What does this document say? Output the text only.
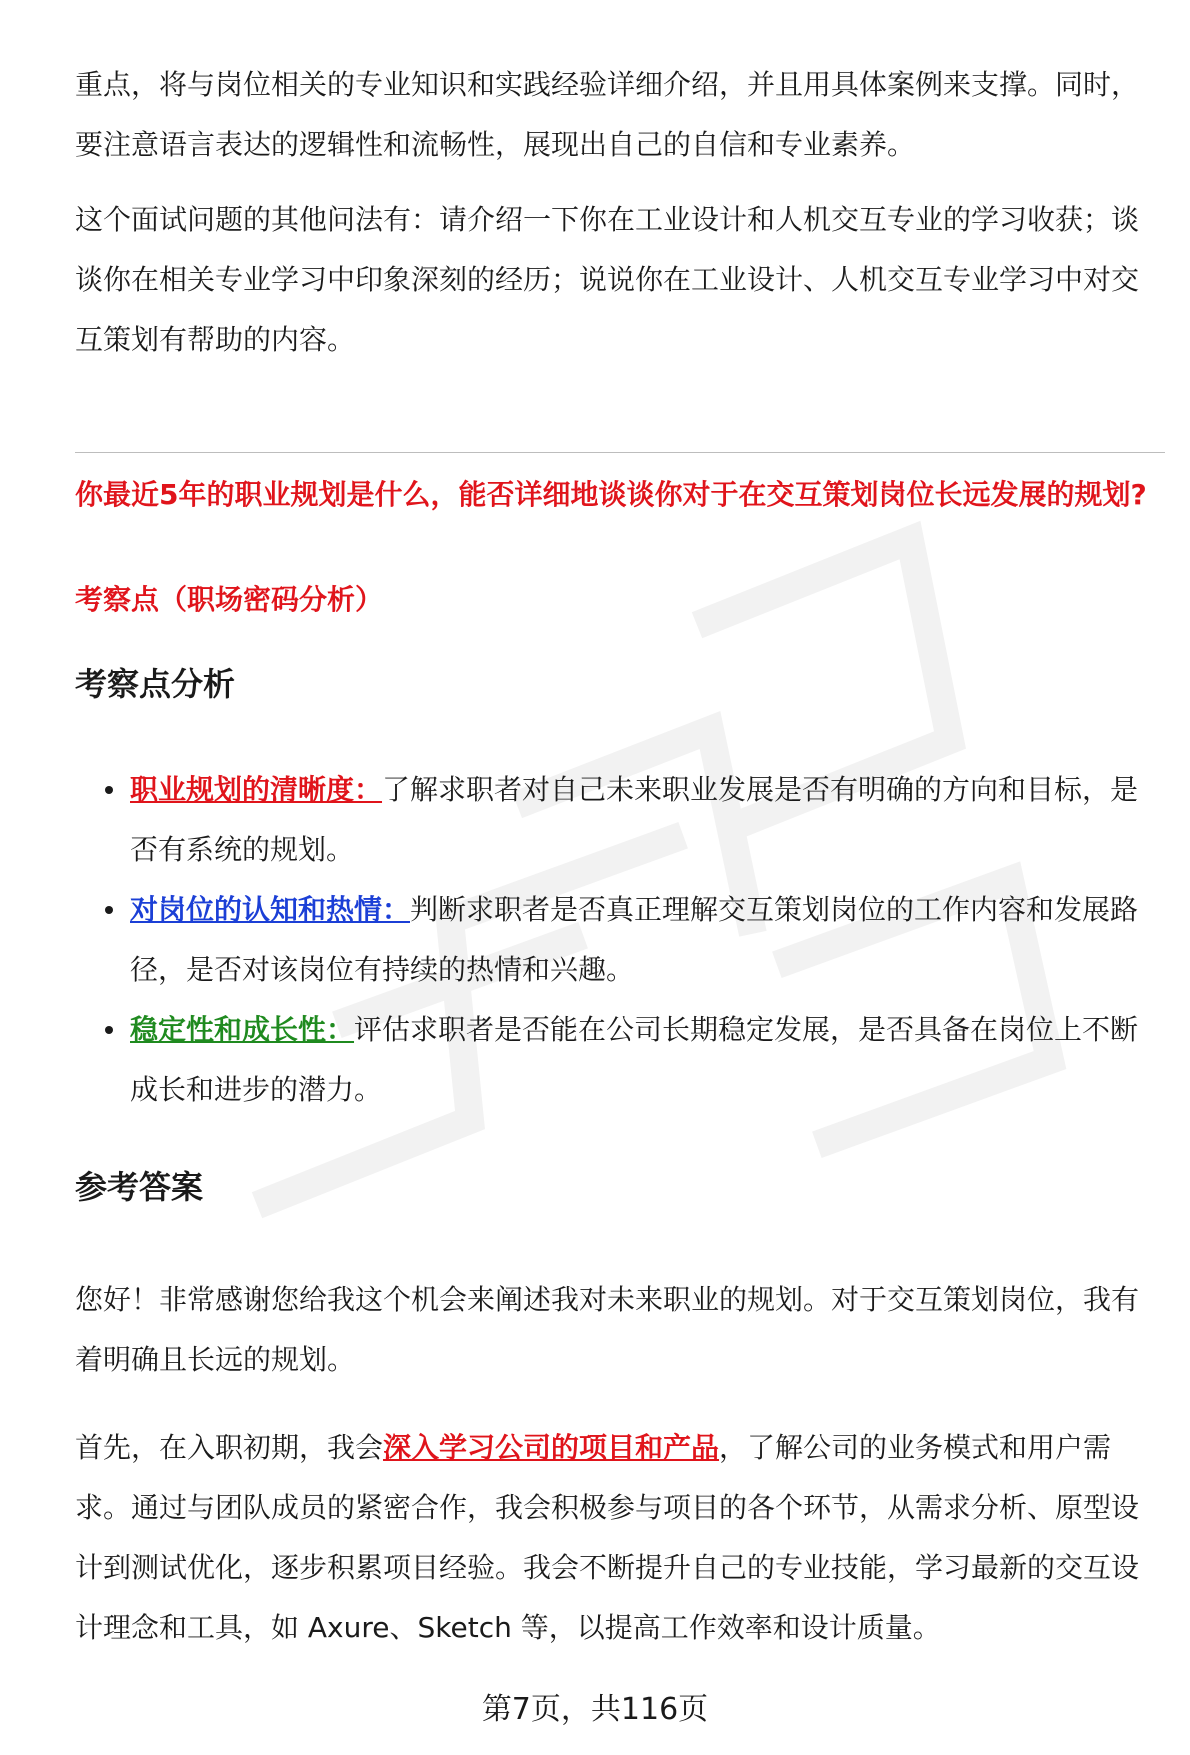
重点，将与岗位相关的专业知识和实践经验详细介绍，并且用具体案例来支撑。同时，要注意语言表达的逻辑性和流畅性，展现出自己的自信和专业素养。

这个面试问题的其他问法有：请介绍一下你在工业设计和人机交互专业的学习收获；谈谈你在相关专业学习中印象深刻的经历；说说你在工业设计、人机交互专业学习中对交互策划有帮助的内容。

你最近5年的职业规划是什么，能否详细地谈谈你对于在交互策划岗位长远发展的规划?

考察点（职场密码分析）

考察点分析
职业规划的清晰度：了解求职者对自己未来职业发展是否有明确的方向和目标，是否有系统的规划。
对岗位的认知和热情：判断求职者是否真正理解交互策划岗位的工作内容和发展路径，是否对该岗位有持续的热情和兴趣。
稳定性和成长性：评估求职者是否能在公司长期稳定发展，是否具备在岗位上不断成长和进步的潜力。
参考答案

您好！非常感谢您给我这个机会来阐述我对未来职业的规划。对于交互策划岗位，我有着明确且长远的规划。

首先，在入职初期，我会深入学习公司的项目和产品，了解公司的业务模式和用户需求。通过与团队成员的紧密合作，我会积极参与项目的各个环节，从需求分析、原型设计到测试优化，逐步积累项目经验。我会不断提升自己的专业技能，学习最新的交互设计理念和工具，如 Axure、Sketch 等，以提高工作效率和设计质量。

第7页，共116页
